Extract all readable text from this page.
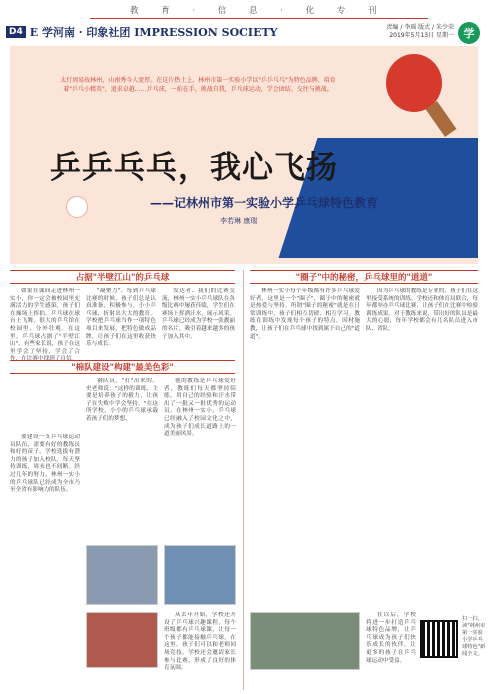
教 育 · 信 息 · 化 专 刊
D4 E 学河南 · 印象社团 IMPRESSION SOCIETY	责编 / 李瑶 版式 / 朱少荣
2019年5月13日 星期一 学
太行周易故林州，山南秀今人宽厚。在这片热土上，林州市第一实验小学以"乒乒乓乓"为特色品牌，培育着"乒乓小精英"，追求卓越……乒乓球，一拍在手，挑战自我，乒乓球运动，学会团结、交往与挑战。
乒乒乓乓，我心飞扬
——记林州市第一实验小学乒乓球特色教育
李若琳 康瑞
占据"半壁江山"的乒乓球	"圈子"中的秘密，乒乓球里的"道道"

如果在课间走进林州一实小，你一定会被校园里充满活力的学生感染，孩子们在操场上挥拍，乒乓球在球台上飞舞。很大的乒乓馆在校园里，分外壮观。在这里，乒乓球占据了"半壁江山"。有些家长说，孩子在这里学会了坚持，学会了合作，在比赛中找到了自信。

"凝聚力"。每到乒乓球比赛的时候，孩子们总是认真准备、积极参与。小小乒乓球，折射出大大的教育。学校把乒乓球当作一项特色项目来发展，把特色做成品牌，让孩子们在这里收获快乐与成长。

发达者、我们的比赛交流，林州一实小乒乓球队在各级比赛中屡获佳绩，学生们在赛场上挥洒汗水，展示风采。乒乓球已经成为学校一张靓丽的名片，吸引着越来越多的孩子加入其中。

林州一实小每个年级都有许多乒乓球爱好者，这里是一个"圈子"，圈子中的秘密就是热爱与坚持。所谓"圈子的秘密"就是在日常训练中，孩子们相互切磋、相互学习。教练在训练中发现每个孩子的特点，因材施教，让孩子们在乒乓球中找到属于自己的"道道"。

因为乒乓球的教练是专业的，孩子们在这里接受系统的训练。学校还和体育局联合，每年都举办乒乓球比赛，让孩子们在比赛中检验训练成果。对于教练来说，带出好的队员是最大的心愿，每年学校都会有几名队员进入市队、省队。

"棉队建设"构建"最美色彩"

要建设一支乒乓球运动员队伍，需要有好的教练员和好的苗子。学校选拔有潜力的孩子加入校队，每天坚持训练，周末也不间断。经过几年的努力，林州一实小的乒乓球队已经成为全市乃至全省有影响力的队伍。

钢队员，"打"出来的。史老师说："这样的训练，主要是培养孩子的毅力，让孩子在失败中学会坚持。"在这所学校，小小的乒乓球承载着孩子们的梦想。

他的教练是乒乓球爱好者，教练们每天都坚持陪练，用自己的经验和汗水带出了一批又一批优秀的运动员。在林州一实小，乒乓球已经融入了校园文化之中，成为孩子们成长道路上的一道美丽风景。

从去年开始，学校还开设了乒乓球兴趣课程，每个班级都有乒乓球课，让每一个孩子都能接触乒乓球。在这里，孩子们可以和老师同场竞技，学校还会邀请家长参与比赛，形成了良好的体育氛围。

在以后，学校将进一步打造乒乓球特色品牌，让乒乓球成为孩子们快乐成长的伙伴，让更多的孩子在乒乓球运动中受益。

扫一扫，读"林州市第一实验小学乒乓球特色"新闻全文。
